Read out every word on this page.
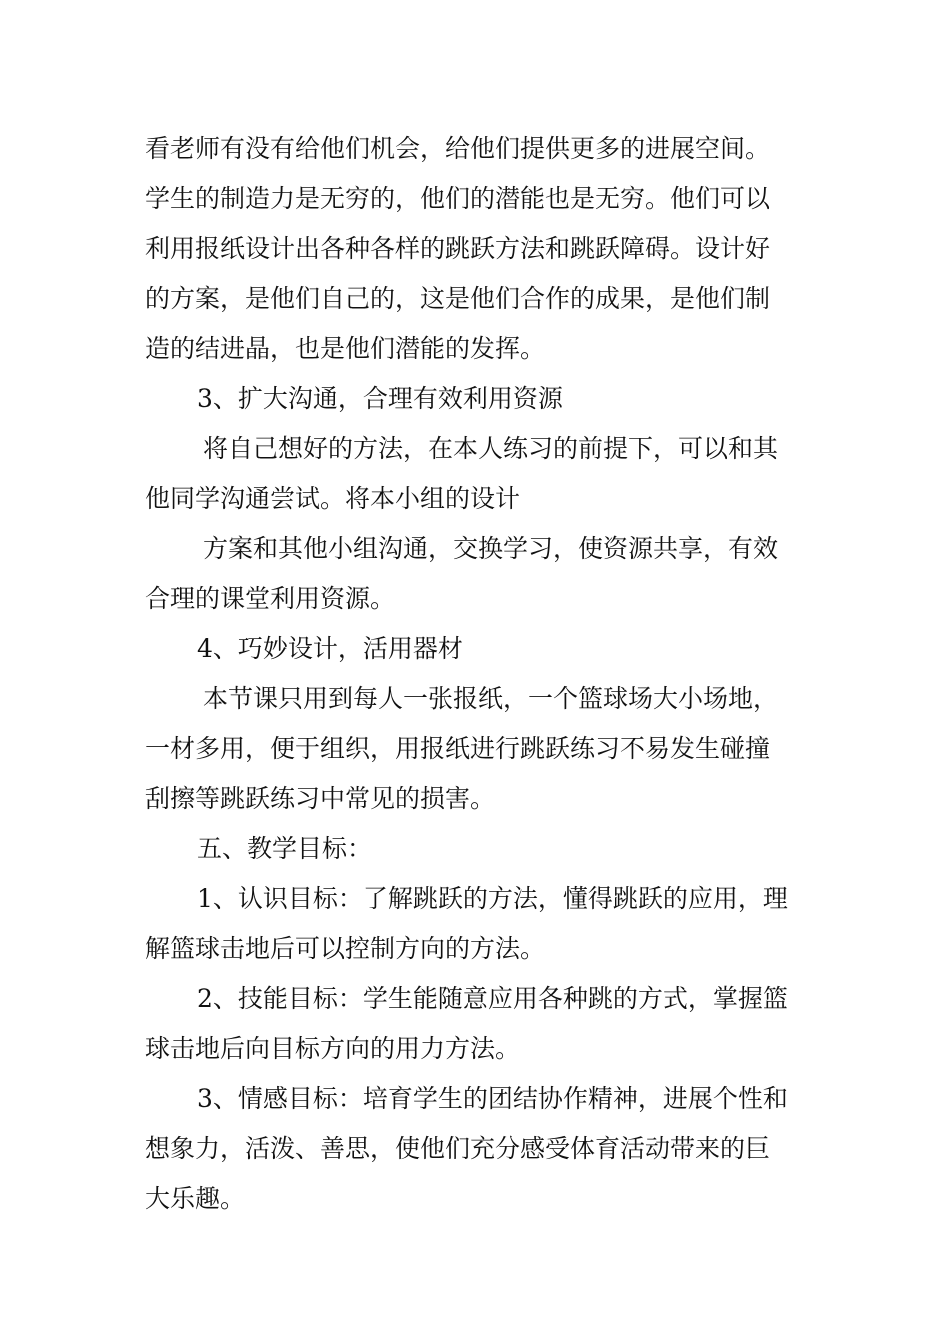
看老师有没有给他们机会，给他们提供更多的进展空间。

学生的制造力是无穷的，他们的潜能也是无穷。他们可以

利用报纸设计出各种各样的跳跃方法和跳跃障碍。设计好

的方案，是他们自己的，这是他们合作的成果，是他们制

造的结进晶，也是他们潜能的发挥。

3、扩大沟通，合理有效利用资源

将自己想好的方法，在本人练习的前提下，可以和其

他同学沟通尝试。将本小组的设计

方案和其他小组沟通，交换学习，使资源共享，有效

合理的课堂利用资源。

4、巧妙设计，活用器材

本节课只用到每人一张报纸，一个篮球场大小场地，

一材多用，便于组织，用报纸进行跳跃练习不易发生碰撞

刮擦等跳跃练习中常见的损害。

五、教学目标：

1、认识目标：了解跳跃的方法，懂得跳跃的应用，理

解篮球击地后可以控制方向的方法。

2、技能目标：学生能随意应用各种跳的方式，掌握篮

球击地后向目标方向的用力方法。

3、情感目标：培育学生的团结协作精神，进展个性和

想象力，活泼、善思，使他们充分感受体育活动带来的巨

大乐趣。
